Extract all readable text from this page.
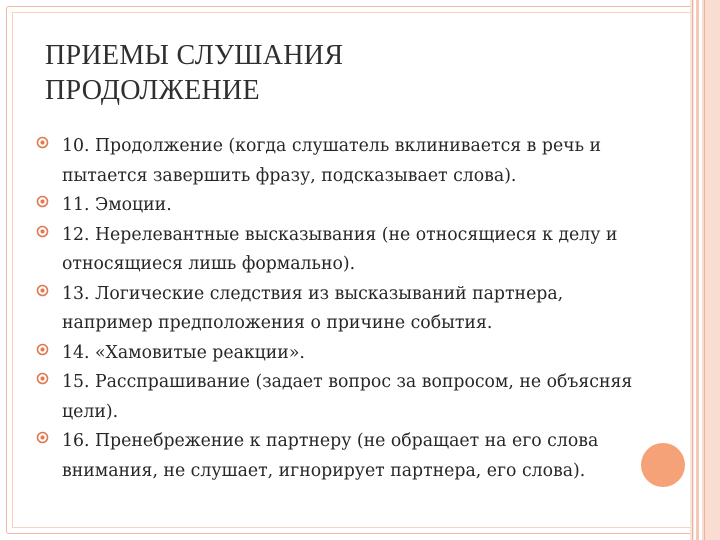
ПРИЕМЫ СЛУШАНИЯ
ПРОДОЛЖЕНИЕ
10. Продолжение (когда слушатель вклинивается в речь и
пытается завершить фразу, подсказывает слова).
11. Эмоции.
12. Нерелевантные высказывания (не относящиеся к делу и
относящиеся лишь формально).
13. Логические следствия из высказываний партнера,
например предположения о причине события.
14. «Хамовитые реакции».
15. Расспрашивание (задает вопрос за вопросом, не объясняя
цели).
16. Пренебрежение к партнеру (не обращает на его слова
внимания, не слушает, игнорирует партнера, его слова).
